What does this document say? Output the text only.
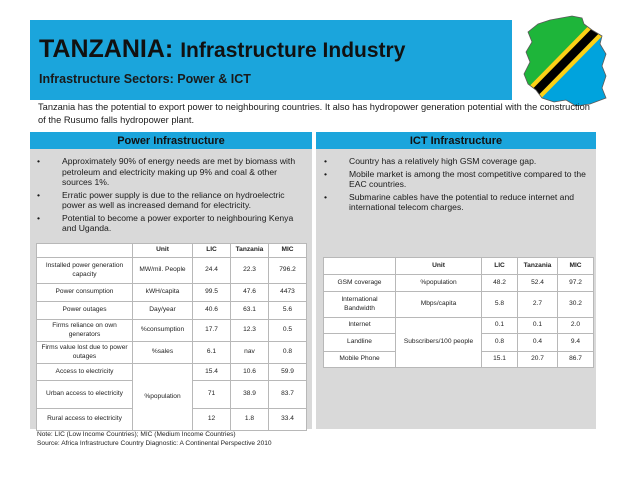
TANZANIA: Infrastructure Industry

Infrastructure Sectors: Power & ICT

Tanzania has the potential to export power to neighbouring countries. It also has hydropower generation potential with the construction of the Rusumo falls hydropower plant.

Power Infrastructure	ICT Infrastructure
•	Approximately 90% of energy needs are met by biomass with petroleum and electricity making up 9% and coal & other sources 1%.
•	Erratic power supply is due to the reliance on hydroelectric power as well as increased demand for electricity.
•	Potential to become a power exporter to neighbouring Kenya and Uganda.
	Unit	LIC	Tanzania	MIC
Installed power generation capacity	MW/mil. People	24.4	22.3	796.2
Power consumption	kWH/capita	99.5	47.6	4473
Power outages	Day/year	40.6	63.1	5.6
Firms reliance on own generators	%consumption	17.7	12.3	0.5
Firms value lost due to power outages	%sales	6.1	nav	0.8
Access to electricity	%population	15.4	10.6	59.9
Urban access to electricity		71	38.9	83.7
Rural access to electricity		12	1.8	33.4
•	Country has a relatively high GSM coverage gap.
•	Mobile market is among the most competitive compared to the EAC countries.
•	Submarine cables have the potential to reduce internet and international telecom charges.
	Unit	LIC	Tanzania	MIC
GSM coverage	%population	48.2	52.4	97.2
International Bandwidth	Mbps/capita	5.8	2.7	30.2
Internet	Subscribers/100 people	0.1	0.1	2.0
Landline		0.8	0.4	9.4
Mobile Phone		15.1	20.7	86.7
Note: LIC (Low Income Countries); MIC (Medium Income Countries)
Source: Africa Infrastructure Country Diagnostic: A Continental Perspective 2010
